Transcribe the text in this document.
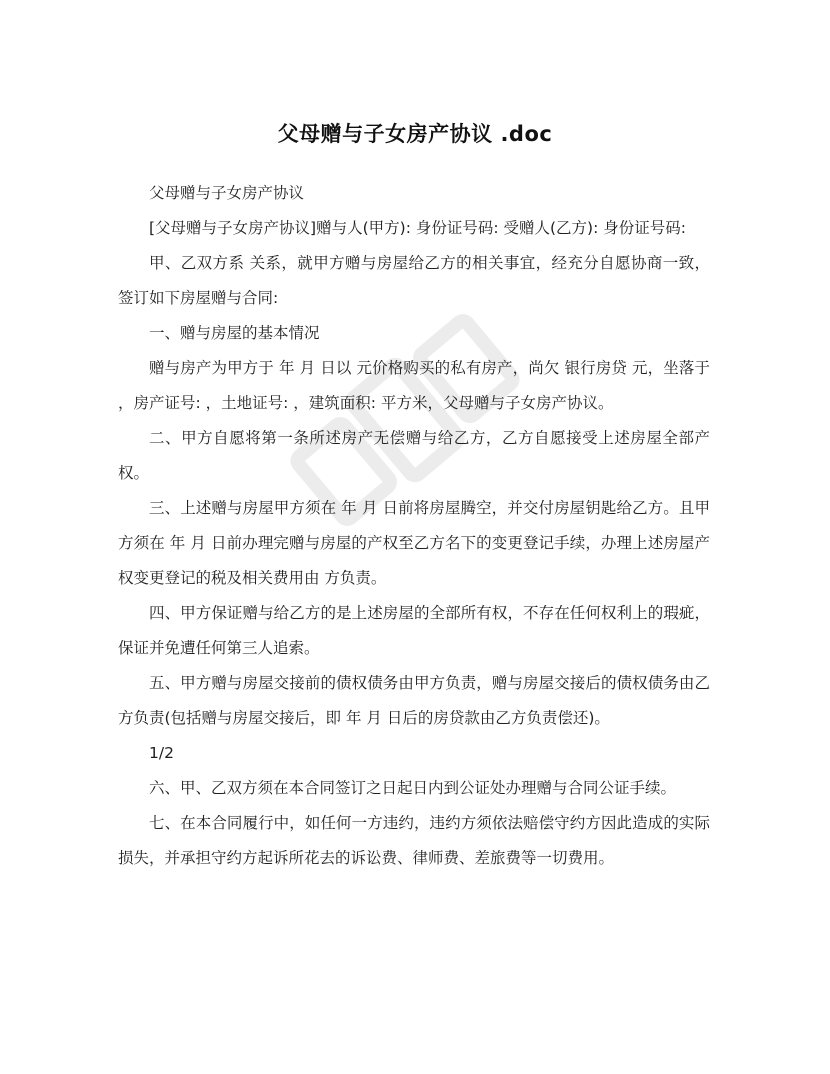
父母赠与子女房产协议 .doc

父母赠与子女房产协议

[父母赠与子女房产协议]赠与人(甲方): 身份证号码: 受赠人(乙方): 身份证号码:

甲、乙双方系 关系，就甲方赠与房屋给乙方的相关事宜，经充分自愿协商一致，签订如下房屋赠与合同:

一、赠与房屋的基本情况

赠与房产为甲方于 年 月 日以 元价格购买的私有房产，尚欠 银行房贷 元，坐落于 ，房产证号: ，土地证号: ，建筑面积: 平方米，父母赠与子女房产协议。

二、甲方自愿将第一条所述房产无偿赠与给乙方，乙方自愿接受上述房屋全部产权。

三、上述赠与房屋甲方须在 年 月 日前将房屋腾空，并交付房屋钥匙给乙方。且甲方须在 年 月 日前办理完赠与房屋的产权至乙方名下的变更登记手续，办理上述房屋产权变更登记的税及相关费用由 方负责。

四、甲方保证赠与给乙方的是上述房屋的全部所有权，不存在任何权利上的瑕疵，保证并免遭任何第三人追索。

五、甲方赠与房屋交接前的债权债务由甲方负责，赠与房屋交接后的债权债务由乙方负责(包括赠与房屋交接后，即 年 月 日后的房贷款由乙方负责偿还)。

1/2

六、甲、乙双方须在本合同签订之日起日内到公证处办理赠与合同公证手续。

七、在本合同履行中，如任何一方违约，违约方须依法赔偿守约方因此造成的实际损失，并承担守约方起诉所花去的诉讼费、律师费、差旅费等一切费用。
